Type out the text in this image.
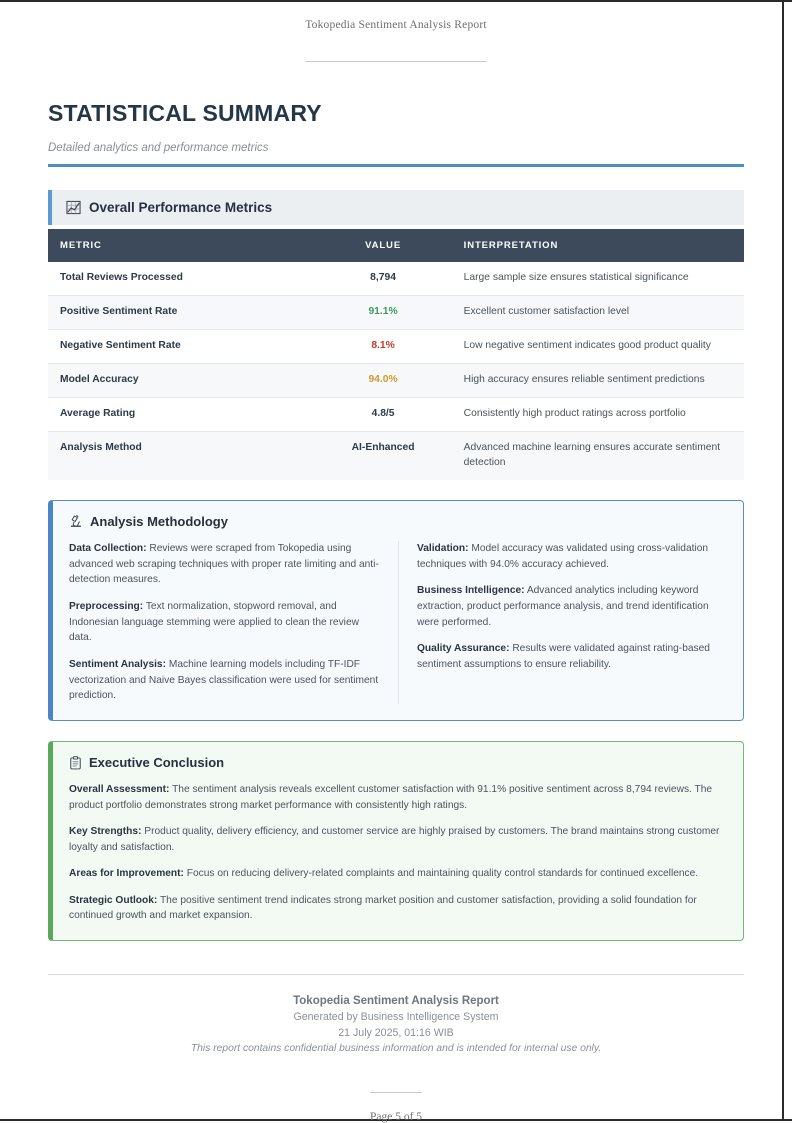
Tokopedia Sentiment Analysis Report
STATISTICAL SUMMARY
Detailed analytics and performance metrics
Overall Performance Metrics
METRIC	VALUE	INTERPRETATION
Total Reviews Processed	8,794	Large sample size ensures statistical significance
Positive Sentiment Rate	91.1%	Excellent customer satisfaction level
Negative Sentiment Rate	8.1%	Low negative sentiment indicates good product quality
Model Accuracy	94.0%	High accuracy ensures reliable sentiment predictions
Average Rating	4.8/5	Consistently high product ratings across portfolio
Analysis Method	AI-Enhanced	Advanced machine learning ensures accurate sentiment detection
Analysis Methodology

Data Collection: Reviews were scraped from Tokopedia using advanced web scraping techniques with proper rate limiting and anti-detection measures.

Preprocessing: Text normalization, stopword removal, and Indonesian language stemming were applied to clean the review data.

Sentiment Analysis: Machine learning models including TF-IDF vectorization and Naive Bayes classification were used for sentiment prediction.

Validation: Model accuracy was validated using cross-validation techniques with 94.0% accuracy achieved.

Business Intelligence: Advanced analytics including keyword extraction, product performance analysis, and trend identification were performed.

Quality Assurance: Results were validated against rating-based sentiment assumptions to ensure reliability.

Executive Conclusion

Overall Assessment: The sentiment analysis reveals excellent customer satisfaction with 91.1% positive sentiment across 8,794 reviews. The product portfolio demonstrates strong market performance with consistently high ratings.

Key Strengths: Product quality, delivery efficiency, and customer service are highly praised by customers. The brand maintains strong customer loyalty and satisfaction.

Areas for Improvement: Focus on reducing delivery-related complaints and maintaining quality control standards for continued excellence.

Strategic Outlook: The positive sentiment trend indicates strong market position and customer satisfaction, providing a solid foundation for continued growth and market expansion.

Tokopedia Sentiment Analysis Report
Generated by Business Intelligence System
21 July 2025, 01:16 WIB
This report contains confidential business information and is intended for internal use only.
Page 5 of 5
